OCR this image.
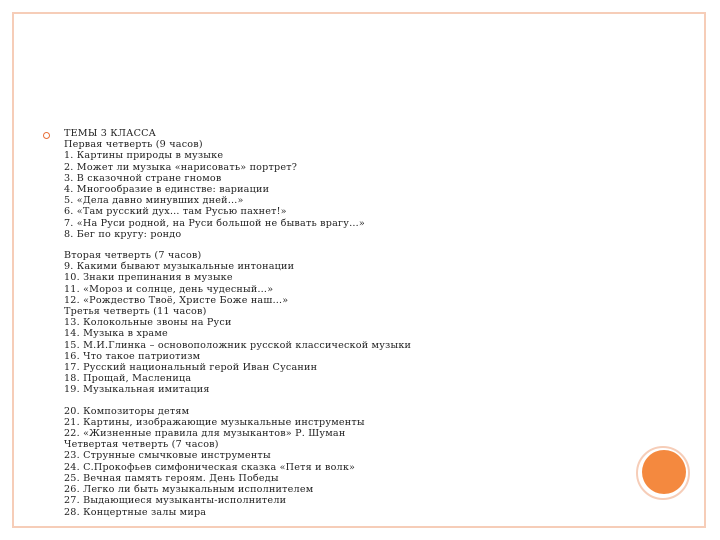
ТЕМЫ 3 КЛАССА
Первая четверть (9 часов)
1. Картины природы в музыке
2. Может ли музыка «нарисовать» портрет?
3. В сказочной стране гномов
4. Многообразие в единстве: вариации
5. «Дела давно минувших дней…»
6. «Там русский дух… там Русью пахнет!»
7. «На Руси родной, на Руси большой не бывать врагу…»
8. Бег по кругу: рондо
Вторая четверть (7 часов)
9. Какими бывают музыкальные интонации
10. Знаки препинания в музыке
11. «Мороз и солнце, день чудесный…»
12. «Рождество Твоё, Христе Боже наш…»
Третья четверть (11 часов)
13. Колокольные звоны на Руси
14. Музыка в храме
15. М.И.Глинка – основоположник русской классической музыки
16. Что такое патриотизм
17. Русский национальный герой Иван Сусанин
18. Прощай, Масленица
19. Музыкальная имитация
20. Композиторы детям
21. Картины, изображающие музыкальные инструменты
22. «Жизненные правила для музыкантов» Р. Шуман
Четвертая четверть (7 часов)
23. Струнные смычковые инструменты
24. С.Прокофьев симфоническая сказка «Петя и волк»
25. Вечная память героям. День Победы
26. Легко ли быть музыкальным исполнителем
27. Выдающиеся музыканты-исполнители
28. Концертные залы мира
